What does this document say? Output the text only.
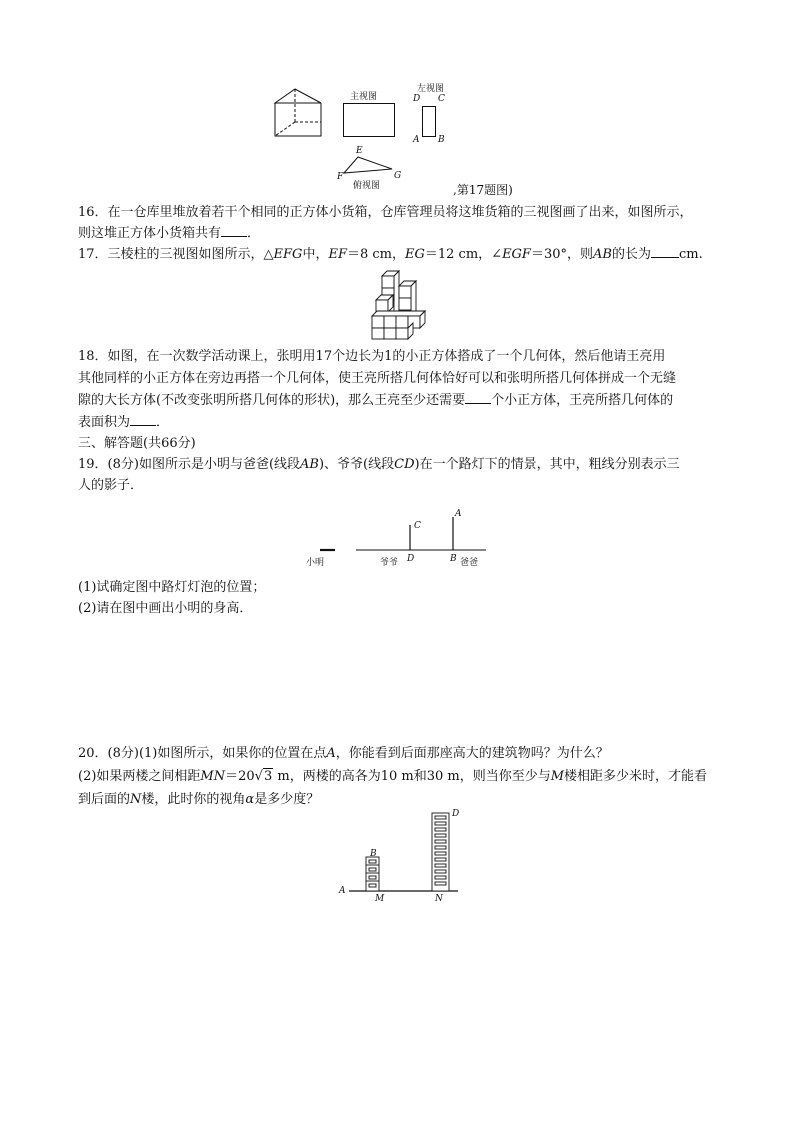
主视图
左视图
D C
A B
E
F	G
俯视图	,第17题图)
16．在一仓库里堆放着若干个相同的正方体小货箱，仓库管理员将这堆货箱的三视图画了出来，如图所示，
则这堆正方体小货箱共有 ．
17．三棱柱的三视图如图所示，△EFG中，EF＝8 cm，EG＝12 cm，∠EGF＝30°，则AB的长为 cm.
18．如图，在一次数学活动课上，张明用17个边长为1的小正方体搭成了一个几何体，然后他请王亮用
其他同样的小正方体在旁边再搭一个几何体，使王亮所搭几何体恰好可以和张明所搭几何体拼成一个无缝
隙的大长方体(不改变张明所搭几何体的形状)，那么王亮至少还需要 个小正方体，王亮所搭几何体的
表面积为 ．
三、解答题(共66分)
19．(8分)如图所示是小明与爸爸(线段AB)、爷爷(线段CD)在一个路灯下的情景，其中，粗线分别表示三
人的影子．
C
A
小明	爷爷 D	B 爸爸
(1)试确定图中路灯灯泡的位置；
(2)请在图中画出小明的身高．
20．(8分)(1)如图所示，如果你的位置在点A，你能看到后面那座高大的建筑物吗？为什么？
(2)如果两楼之间相距MN＝20√3 m，两楼的高各为10 m和30 m，则当你至少与M楼相距多少米时，才能看
到后面的N楼，此时你的视角α是多少度？
D
B
A
M	N
